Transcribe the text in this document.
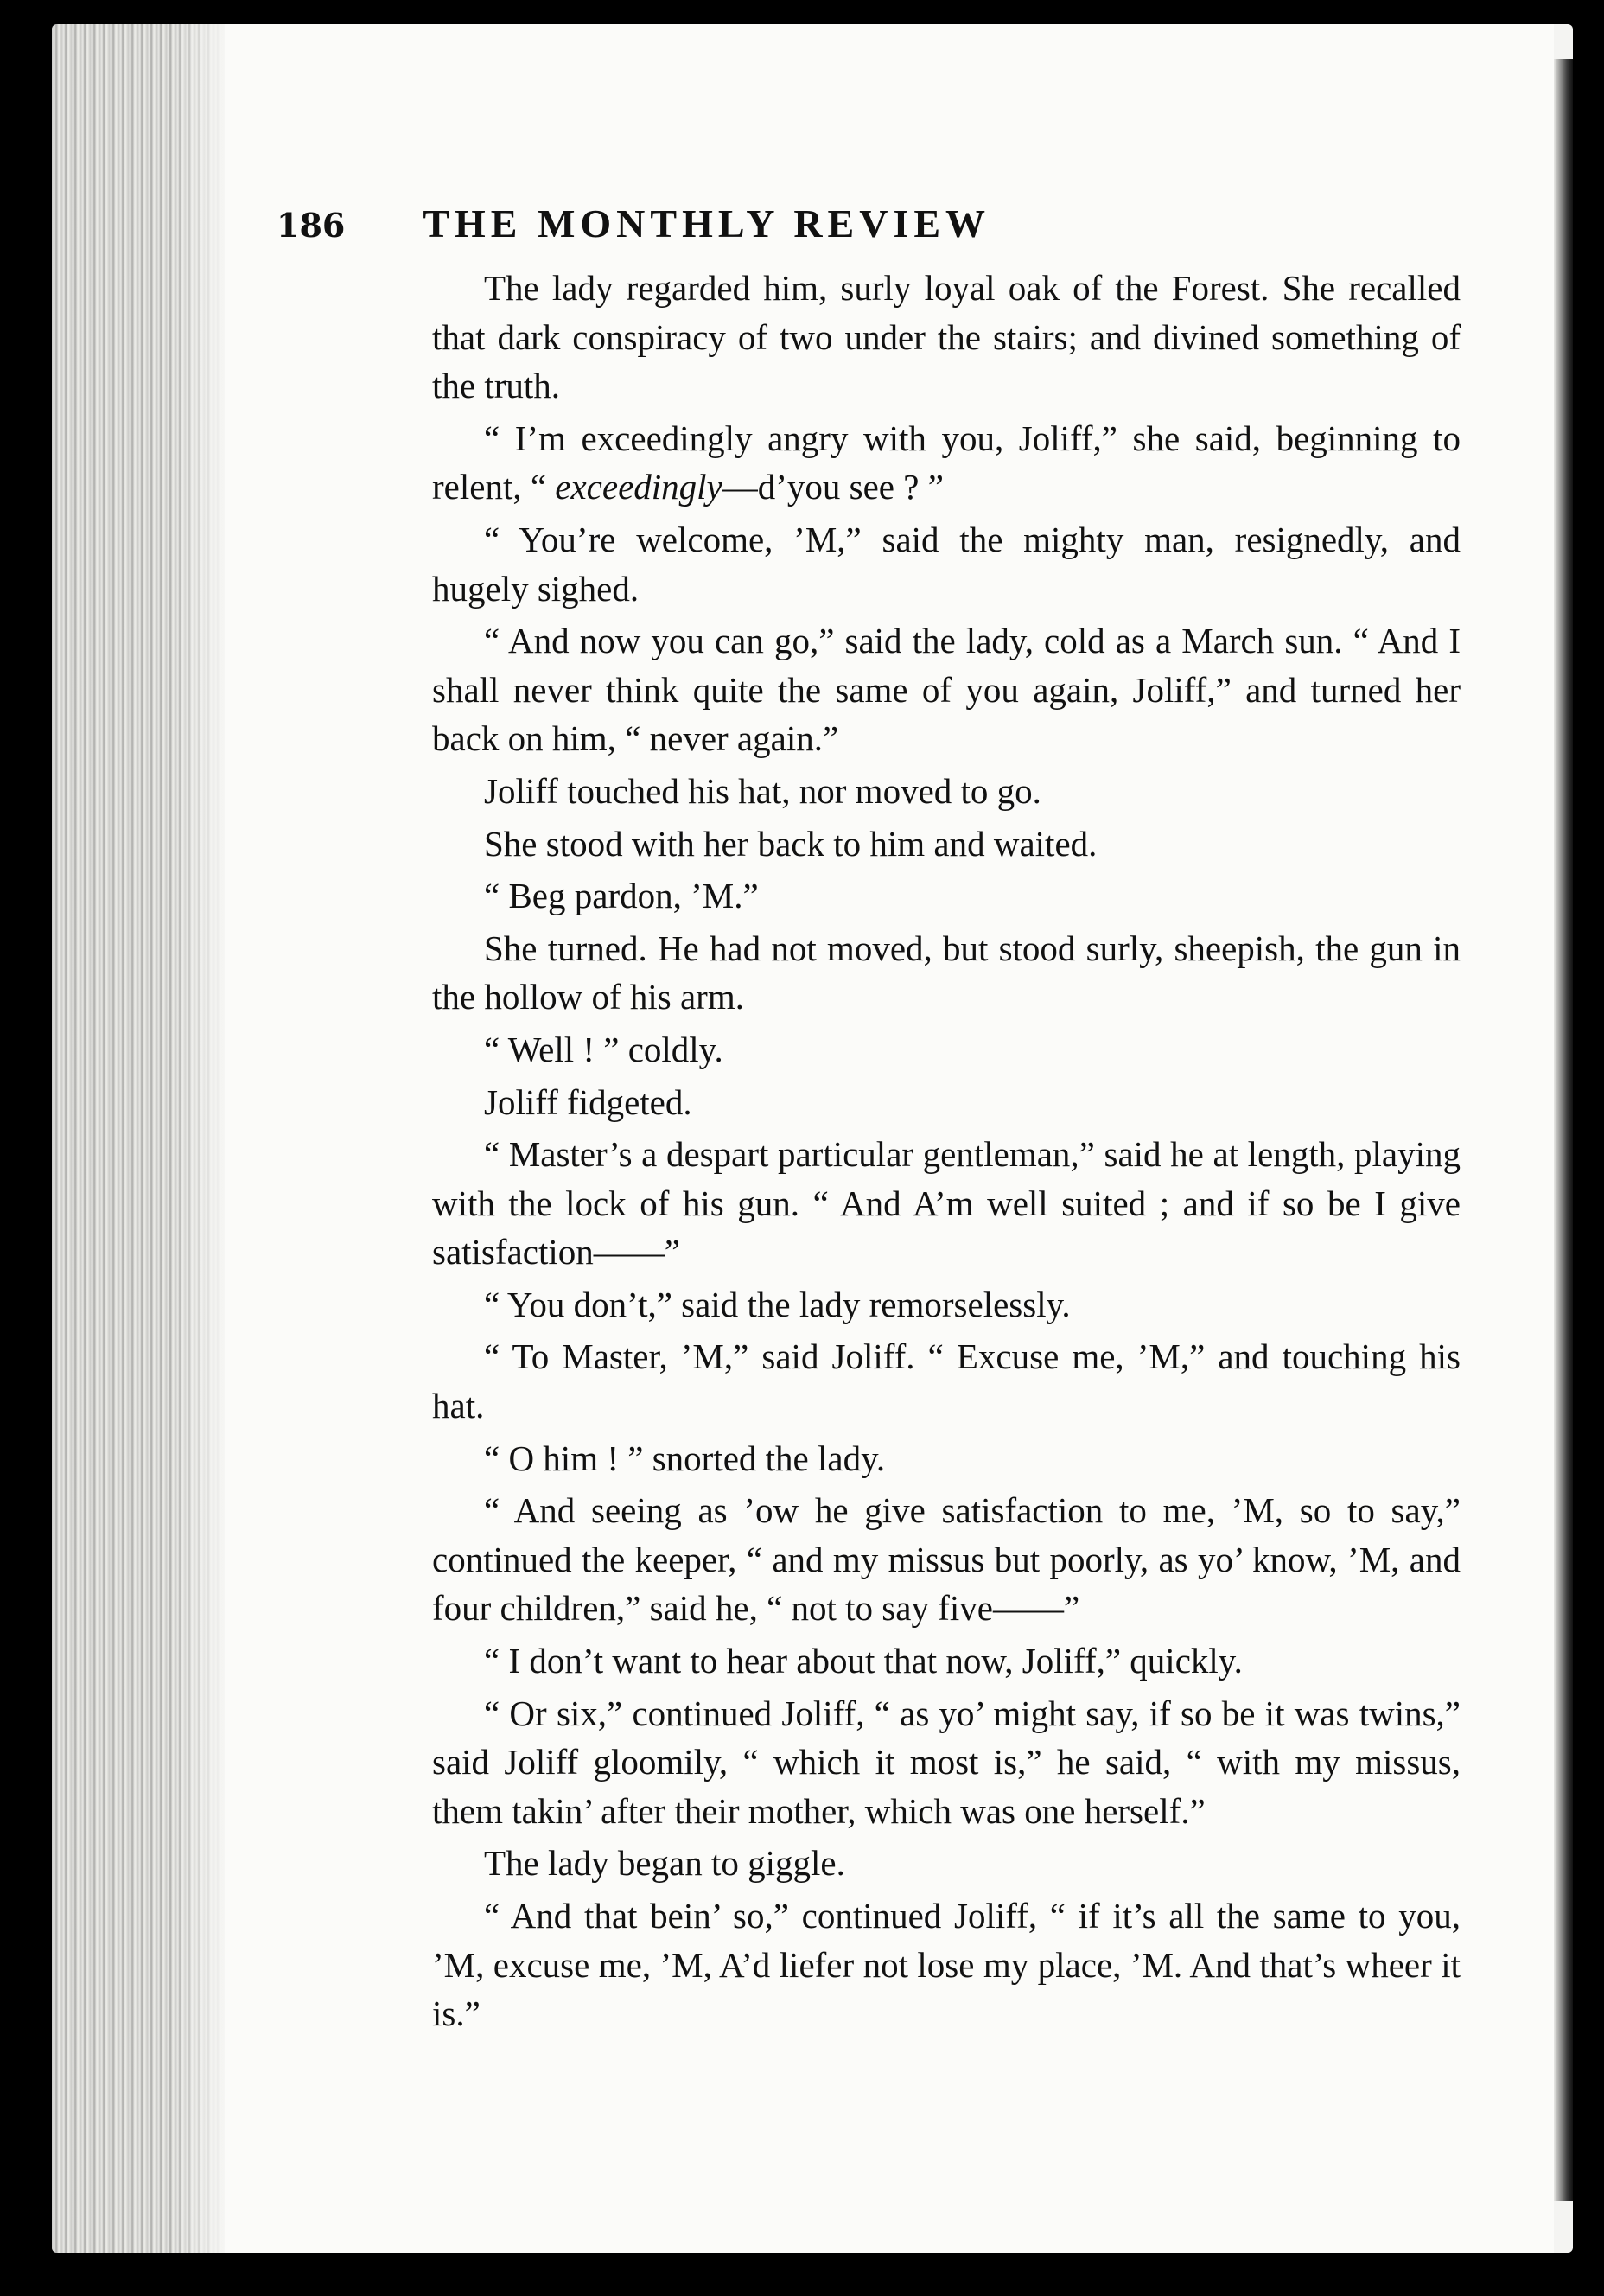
186 THE MONTHLY REVIEW

The lady regarded him, surly loyal oak of the Forest. She recalled that dark conspiracy of two under the stairs; and divined something of the truth.

“ I’m exceedingly angry with you, Joliff,” she said, beginning to relent, “ exceedingly—d’you see ? ”

“ You’re welcome, ’M,” said the mighty man, resignedly, and hugely sighed.

“ And now you can go,” said the lady, cold as a March sun. “ And I shall never think quite the same of you again, Joliff,” and turned her back on him, “ never again.”

Joliff touched his hat, nor moved to go.

She stood with her back to him and waited.

“ Beg pardon, ’M.”

She turned. He had not moved, but stood surly, sheepish, the gun in the hollow of his arm.

“ Well ! ” coldly.

Joliff fidgeted.

“ Master’s a despart particular gentleman,” said he at length, playing with the lock of his gun. “ And A’m well suited ; and if so be I give satisfaction——”

“ You don’t,” said the lady remorselessly.

“ To Master, ’M,” said Joliff. “ Excuse me, ’M,” and touching his hat.

“ O him ! ” snorted the lady.

“ And seeing as ’ow he give satisfaction to me, ’M, so to say,” continued the keeper, “ and my missus but poorly, as yo’ know, ’M, and four children,” said he, “ not to say five——”

“ I don’t want to hear about that now, Joliff,” quickly.

“ Or six,” continued Joliff, “ as yo’ might say, if so be it was twins,” said Joliff gloomily, “ which it most is,” he said, “ with my missus, them takin’ after their mother, which was one herself.”

The lady began to giggle.

“ And that bein’ so,” continued Joliff, “ if it’s all the same to you, ’M, excuse me, ’M, A’d liefer not lose my place, ’M. And that’s wheer it is.”
